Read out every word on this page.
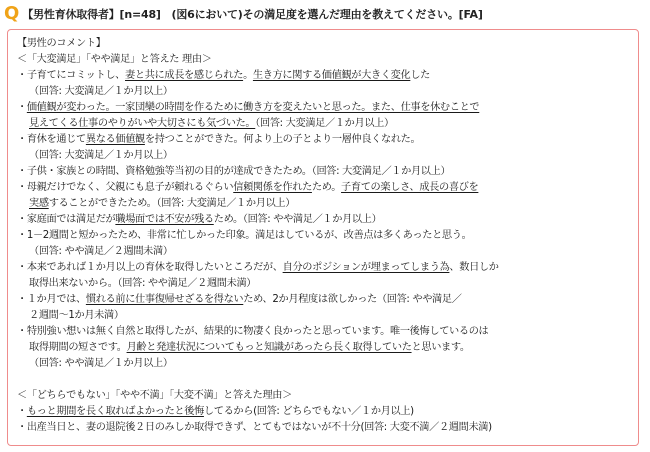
Q 【男性育休取得者】[n=48]　(図6において)その満足度を選んだ理由を教えてください。[FA]
【男性のコメント】
＜「大変満足」「やや満足」と答えた 理由＞
・子育てにコミットし、妻と共に成長を感じられた。生き方に関する価値観が大きく変化した
（回答: 大変満足／１か月以上）
・価値観が変わった。一家団欒の時間を作るために働き方を変えたいと思った。また、仕事を休むことで
見えてくる仕事のやりがいや大切さにも気づいた。（回答: 大変満足／１か月以上）
・育休を通じて異なる価値観を持つことができた。何より上の子とより一層仲良くなれた。
（回答: 大変満足／１か月以上）
・子供・家族との時間、資格勉強等当初の目的が達成できたため。（回答: 大変満足／１か月以上）
・母親だけでなく、父親にも息子が頼れるぐらい信頼関係を作れたため。子育ての楽しさ、成長の喜びを
実感することができたため。（回答: 大変満足／１か月以上）
・家庭面では満足だが職場面では不安が残るため。（回答: やや満足／１か月以上）
・1－2週間と短かったため、非常に忙しかった印象。満足はしているが、改善点は多くあったと思う。
（回答: やや満足／２週間未満）
・本来であれば１か月以上の育休を取得したいところだが、自分のポジションが埋まってしまう為、数日しか
取得出来ないから。（回答: やや満足／２週間未満）
・１か月では、慣れる前に仕事復帰せざるを得ないため、2か月程度は欲しかった（回答: やや満足／
２週間～1か月未満）
・特別強い想いは無く自然と取得したが、結果的に物凄く良かったと思っています。唯一後悔しているのは
取得期間の短さです。月齢と発達状況についてもっと知識があったら長く取得していたと思います。
（回答: やや満足／１か月以上）
＜「どちらでもない」「やや不満」「大変不満」と答えた理由＞
・もっと期間を長く取ればよかったと後悔してるから(回答: どちらでもない／１か月以上)
・出産当日と、妻の退院後２日のみしか取得できず、とてもではないが不十分(回答: 大変不満／２週間未満)
